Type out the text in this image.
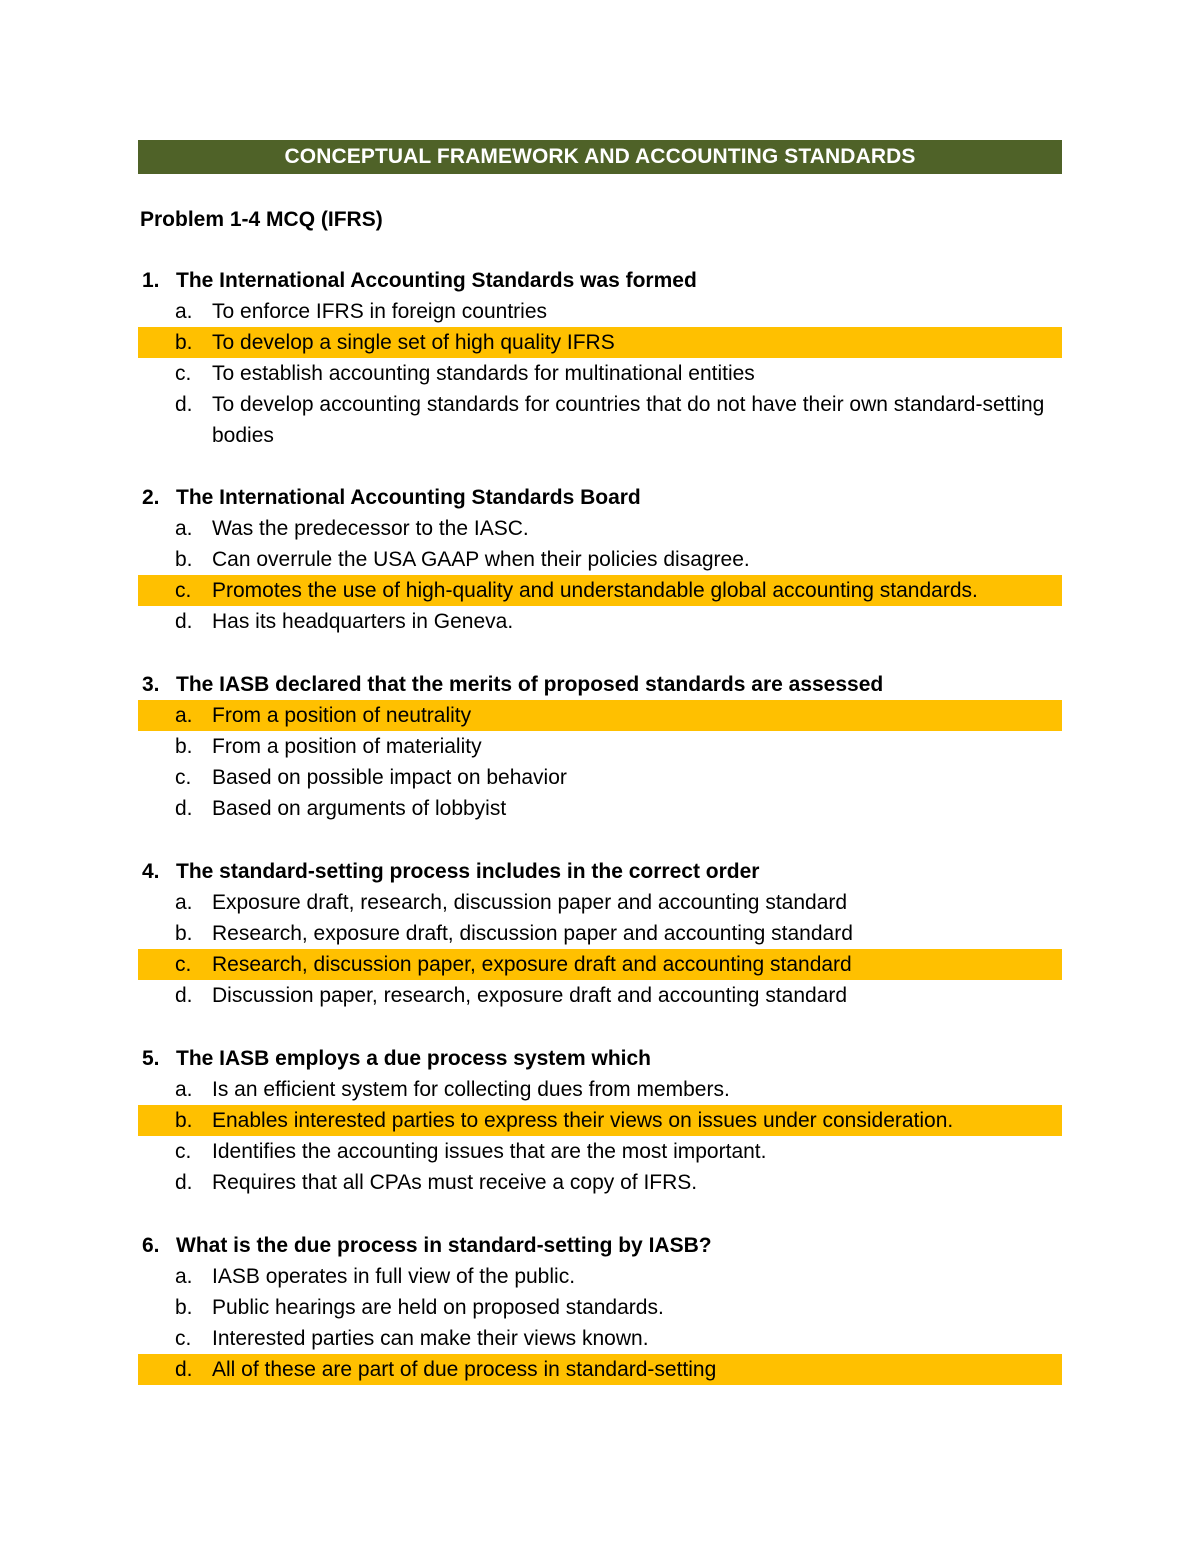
CONCEPTUAL FRAMEWORK AND ACCOUNTING STANDARDS
Problem 1-4 MCQ (IFRS)
1. The International Accounting Standards was formed
a. To enforce IFRS in foreign countries
b. To develop a single set of high quality IFRS
c. To establish accounting standards for multinational entities
d. To develop accounting standards for countries that do not have their own standard-setting bodies
2. The International Accounting Standards Board
a. Was the predecessor to the IASC.
b. Can overrule the USA GAAP when their policies disagree.
c. Promotes the use of high-quality and understandable global accounting standards.
d. Has its headquarters in Geneva.
3. The IASB declared that the merits of proposed standards are assessed
a. From a position of neutrality
b. From a position of materiality
c. Based on possible impact on behavior
d. Based on arguments of lobbyist
4. The standard-setting process includes in the correct order
a. Exposure draft, research, discussion paper and accounting standard
b. Research, exposure draft, discussion paper and accounting standard
c. Research, discussion paper, exposure draft and accounting standard
d. Discussion paper, research, exposure draft and accounting standard
5. The IASB employs a due process system which
a. Is an efficient system for collecting dues from members.
b. Enables interested parties to express their views on issues under consideration.
c. Identifies the accounting issues that are the most important.
d. Requires that all CPAs must receive a copy of IFRS.
6. What is the due process in standard-setting by IASB?
a. IASB operates in full view of the public.
b. Public hearings are held on proposed standards.
c. Interested parties can make their views known.
d. All of these are part of due process in standard-setting
